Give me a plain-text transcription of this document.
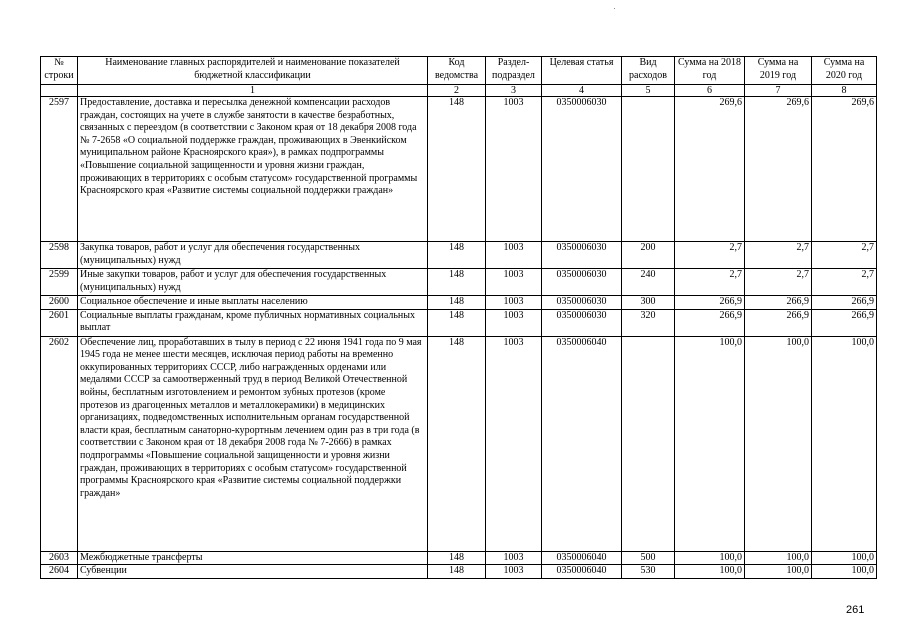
№ строки	Наименование главных распорядителей и наименование показателей бюджетной классификации	Код ведомства	Раздел-подраздел	Целевая статья	Вид расходов	Сумма на 2018 год	Сумма на 2019 год	Сумма на 2020 год
	1	2	3	4	5	6	7	8
2597	Предоставление, доставка и пересылка денежной компенсации расходов граждан, состоящих на учете в службе занятости в качестве безработных, связанных с переездом (в соответствии с Законом края от 18 декабря 2008 года № 7-2658 «О социальной поддержке граждан, проживающих в Эвенкийском муниципальном районе Красноярского края»), в рамках подпрограммы «Повышение социальной защищенности и уровня жизни граждан, проживающих в территориях с особым статусом» государственной программы Красноярского края «Развитие системы социальной поддержки граждан»	148	1003	0350006030		269,6	269,6	269,6
2598	Закупка товаров, работ и услуг для обеспечения государственных (муниципальных) нужд	148	1003	0350006030	200	2,7	2,7	2,7
2599	Иные закупки товаров, работ и услуг для обеспечения государственных (муниципальных) нужд	148	1003	0350006030	240	2,7	2,7	2,7
2600	Социальное обеспечение и иные выплаты населению	148	1003	0350006030	300	266,9	266,9	266,9
2601	Социальные выплаты гражданам, кроме публичных нормативных социальных выплат	148	1003	0350006030	320	266,9	266,9	266,9
2602	Обеспечение лиц, проработавших в тылу в период с 22 июня 1941 года по 9 мая 1945 года не менее шести месяцев, исключая период работы на временно оккупированных территориях СССР, либо награжденных орденами или медалями СССР за самоотверженный труд в период Великой Отечественной войны, бесплатным изготовлением и ремонтом зубных протезов (кроме протезов из драгоценных металлов и металлокерамики) в медицинских организациях, подведомственных исполнительным органам государственной власти края, бесплатным санаторно-курортным лечением один раз в три года (в соответствии с Законом края от 18 декабря 2008 года № 7-2666) в рамках подпрограммы «Повышение социальной защищенности и уровня жизни граждан, проживающих в территориях с особым статусом» государственной программы Красноярского края «Развитие системы социальной поддержки граждан»	148	1003	0350006040		100,0	100,0	100,0
2603	Межбюджетные трансферты	148	1003	0350006040	500	100,0	100,0	100,0
2604	Субвенции	148	1003	0350006040	530	100,0	100,0	100,0
261
